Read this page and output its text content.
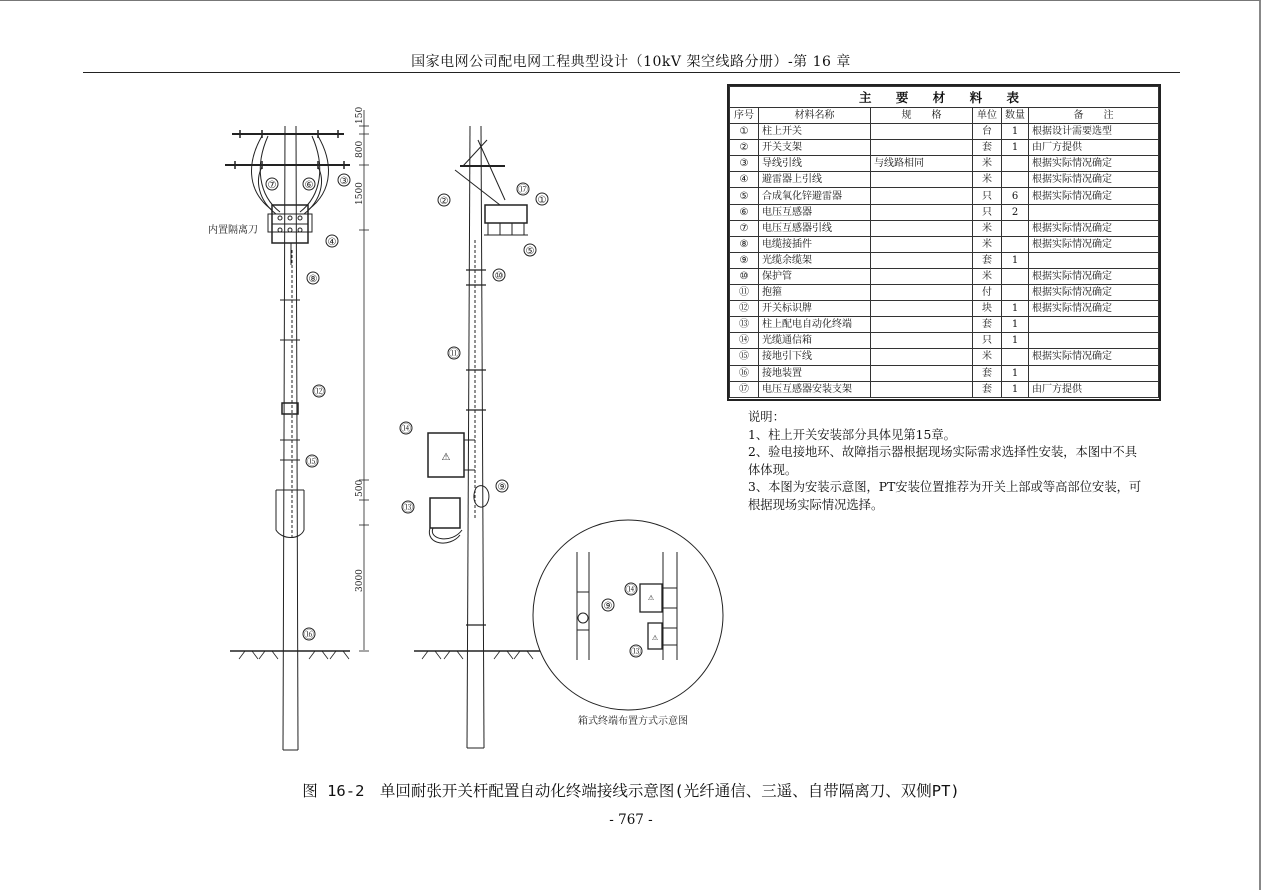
国家电网公司配电网工程典型设计（10kV 架空线路分册）-第 16 章
150
800
1500
500
3000
内置隔离刀
⚠
⚠
⚠
箱式终端布置方式示意图
⑦	⑥	③
④
⑧
⑫
⑮
⑯
②
⑰
①
⑤
⑩
⑪
⑭
⑨
⑬
⑨
⑭
⑬
主 要 材 料 表					
序号	材料名称	规　　格	单位	数量	备　　注
①	柱上开关		台	1	根据设计需要选型
②	开关支架		套	1	由厂方提供
③	导线引线	与线路相同	米		根据实际情况确定
④	避雷器上引线		米		根据实际情况确定
⑤	合成氧化锌避雷器		只	6	根据实际情况确定
⑥	电压互感器		只	2	
⑦	电压互感器引线		米		根据实际情况确定
⑧	电缆接插件		米		根据实际情况确定
⑨	光缆余缆架		套	1	
⑩	保护管		米		根据实际情况确定
⑪	抱箍		付		根据实际情况确定
⑫	开关标识牌		块	1	根据实际情况确定
⑬	柱上配电自动化终端		套	1	
⑭	光缆通信箱		只	1	
⑮	接地引下线		米		根据实际情况确定
⑯	接地装置		套	1	
⑰	电压互感器安装支架		套	1	由厂方提供

说明：

1、柱上开关安装部分具体见第15章。

2、验电接地环、故障指示器根据现场实际需求选择性安装，本图中不具体体现。

3、本图为安装示意图，PT安装位置推荐为开关上部或等高部位安装，可根据现场实际情况选择。

图 16-2　单回耐张开关杆配置自动化终端接线示意图(光纤通信、三遥、自带隔离刀、双侧PT)
- 767 -
